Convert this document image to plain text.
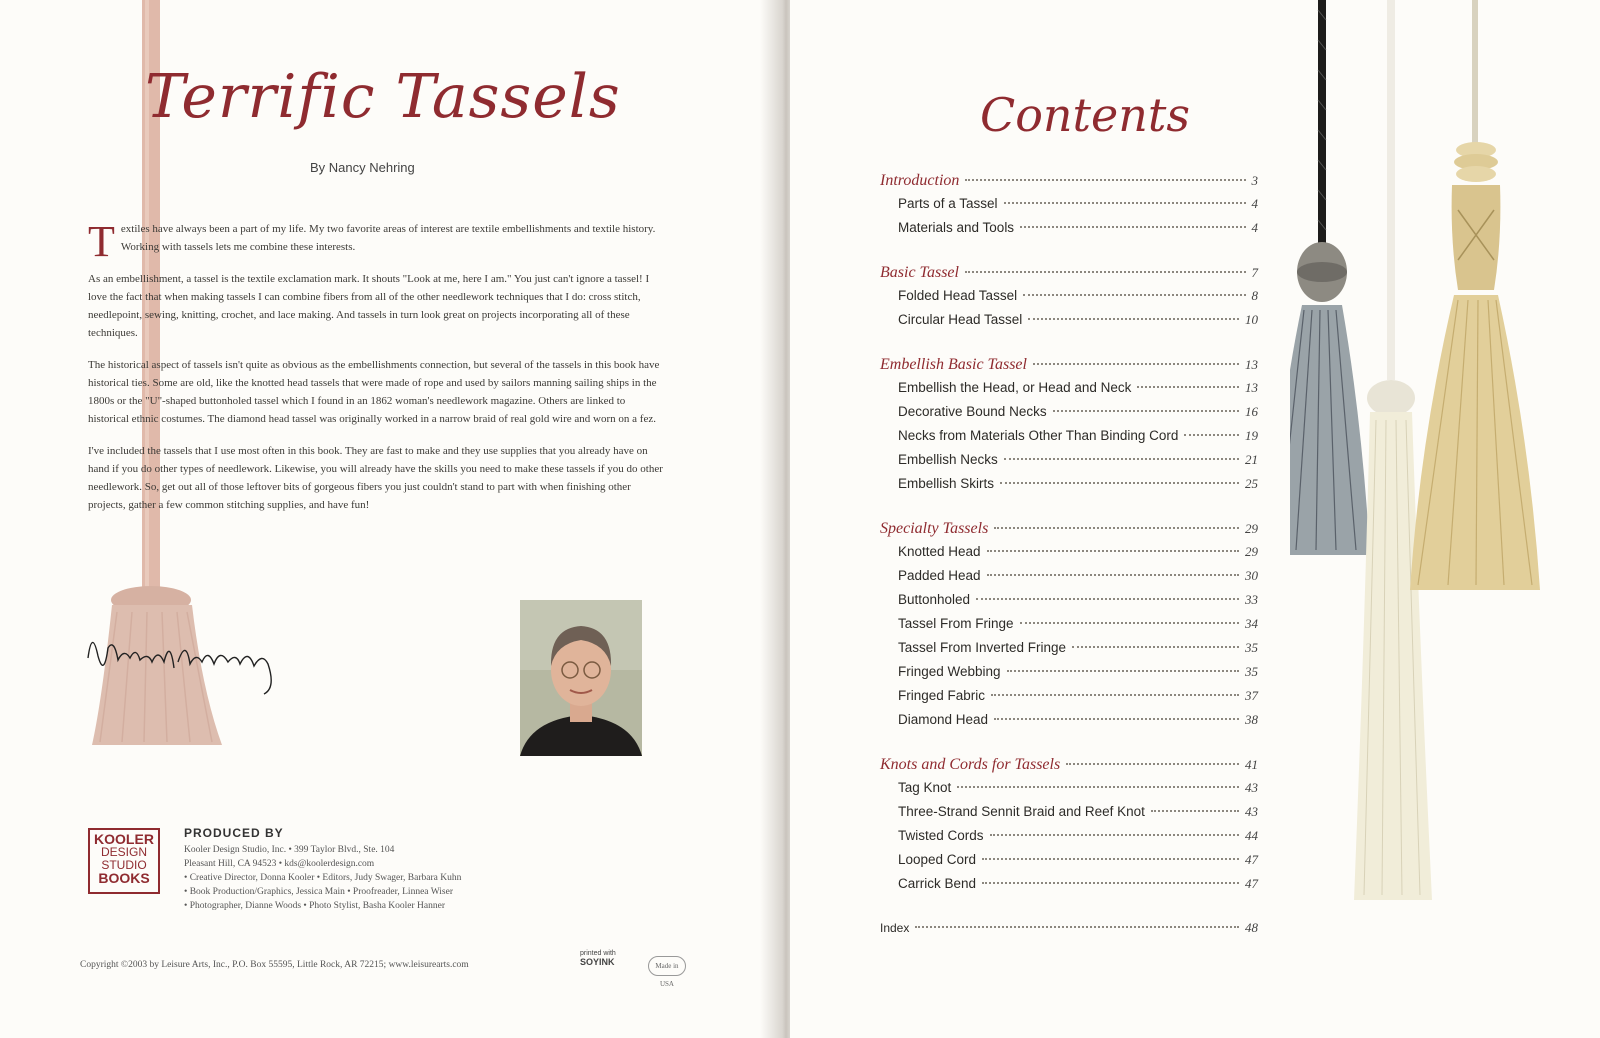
Terrific Tassels
By Nancy Nehring

Textiles have always been a part of my life. My two favorite areas of interest are textile embellishments and textile history. Working with tassels lets me combine these interests.

As an embellishment, a tassel is the textile exclamation mark. It shouts "Look at me, here I am." You just can't ignore a tassel! I love the fact that when making tassels I can combine fibers from all of the other needlework techniques that I do: cross stitch, needlepoint, sewing, knitting, crochet, and lace making. And tassels in turn look great on projects incorporating all of these techniques.

The historical aspect of tassels isn't quite as obvious as the embellishments connection, but several of the tassels in this book have historical ties. Some are old, like the knotted head tassels that were made of rope and used by sailors manning sailing ships in the 1800s or the "U"-shaped buttonholed tassel which I found in an 1862 woman's needlework magazine. Others are linked to historical ethnic costumes. The diamond head tassel was originally worked in a narrow braid of real gold wire and worn on a fez.

I've included the tassels that I use most often in this book. They are fast to make and they use supplies that you already have on hand if you do other types of needlework. Likewise, you will already have the skills you need to make these tassels if you do other needlework. So, get out all of those leftover bits of gorgeous fibers you just couldn't stand to part with when finishing other projects, gather a few common stitching supplies, and have fun!

KOOLER
DESIGN
STUDIO
BOOKS
PRODUCED BY
Kooler Design Studio, Inc. • 399 Taylor Blvd., Ste. 104
Pleasant Hill, CA 94523 • kds@koolerdesign.com
• Creative Director, Donna Kooler • Editors, Judy Swager, Barbara Kuhn
• Book Production/Graphics, Jessica Main • Proofreader, Linnea Wiser
• Photographer, Dianne Woods • Photo Stylist, Basha Kooler Hanner
Copyright ©2003 by Leisure Arts, Inc., P.O. Box 55595, Little Rock, AR 72215; www.leisurearts.com
printed with
SOYINK	Made in USA
Contents
Introduction	3
Parts of a Tassel	4
Materials and Tools	4
Basic Tassel	7
Folded Head Tassel	8
Circular Head Tassel	10
Embellish Basic Tassel	13
Embellish the Head, or Head and Neck	13
Decorative Bound Necks	16
Necks from Materials Other Than Binding Cord	19
Embellish Necks	21
Embellish Skirts	25
Specialty Tassels	29
Knotted Head	29
Padded Head	30
Buttonholed	33
Tassel From Fringe	34
Tassel From Inverted Fringe	35
Fringed Webbing	35
Fringed Fabric	37
Diamond Head	38
Knots and Cords for Tassels	41
Tag Knot	43
Three-Strand Sennit Braid and Reef Knot	43
Twisted Cords	44
Looped Cord	47
Carrick Bend	47
Index	48
